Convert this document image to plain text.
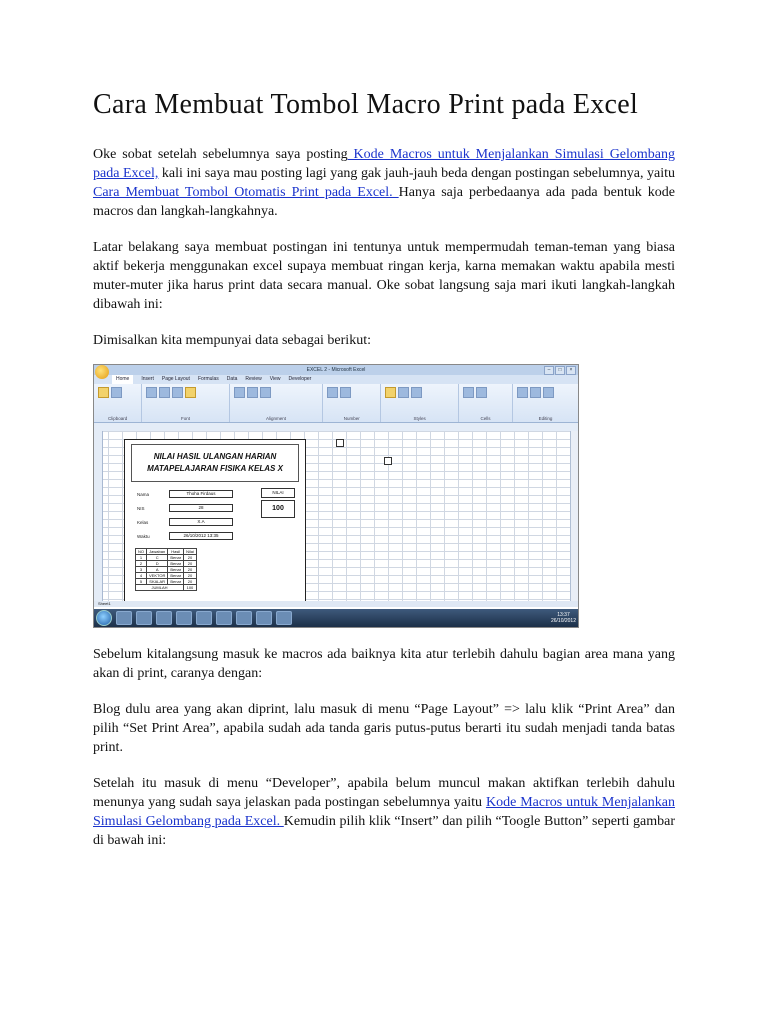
Cara Membuat Tombol Macro Print pada Excel

Oke sobat setelah sebelumnya saya posting Kode Macros untuk Menjalankan Simulasi Gelombang pada Excel, kali ini saya mau posting lagi yang gak jauh-jauh beda dengan postingan sebelumnya, yaitu Cara Membuat Tombol Otomatis Print pada Excel. Hanya saja perbedaanya ada pada bentuk kode macros dan langkah-langkahnya.

Latar belakang saya membuat postingan ini tentunya untuk mempermudah teman-teman yang biasa aktif bekerja menggunakan excel supaya membuat ringan kerja, karna memakan waktu apabila mesti muter-muter jika harus print data secara manual. Oke sobat langsung saja mari ikuti langkah-langkah dibawah ini:

Dimisalkan kita mempunyai data sebagai berikut:

EXCEL 2 - Microsoft Excel	–	□	×
Home	Insert Page Layout Formulas Data Review View Developer
Clipboard	Font	Alignment	Number	Styles	Cells	Editing
NILAI HASIL ULANGAN HARIAN
MATAPELAJARAN FISIKA KELAS X
Nama	Thoha Firdaus
NIS	28
Kelas	X.A
Waktu	26/10/2012 13:35
NILAI
100
NO	Jawaban	Hasil	Nilai
1	C	Benar	20
2	D	Benar	20
3	A	Benar	20
4	VEKTOR	Benar	20
5	SKALAR	Benar	20
JUMLAH			100
Sheet1
13:37
26/10/2012

Sebelum kitalangsung masuk ke macros ada baiknya kita atur terlebih dahulu bagian area mana yang akan di print, caranya dengan:

Blog dulu area yang akan diprint, lalu masuk di menu “Page Layout” => lalu klik “Print Area” dan pilih “Set Print Area”, apabila sudah ada tanda garis putus-putus berarti itu sudah menjadi tanda batas print.

Setelah itu masuk di menu “Developer”, apabila belum muncul makan aktifkan terlebih dahulu menunya yang sudah saya jelaskan pada postingan sebelumnya yaitu Kode Macros untuk Menjalankan Simulasi Gelombang pada Excel. Kemudin pilih klik “Insert” dan pilih “Toogle Button” seperti gambar di bawah ini:
